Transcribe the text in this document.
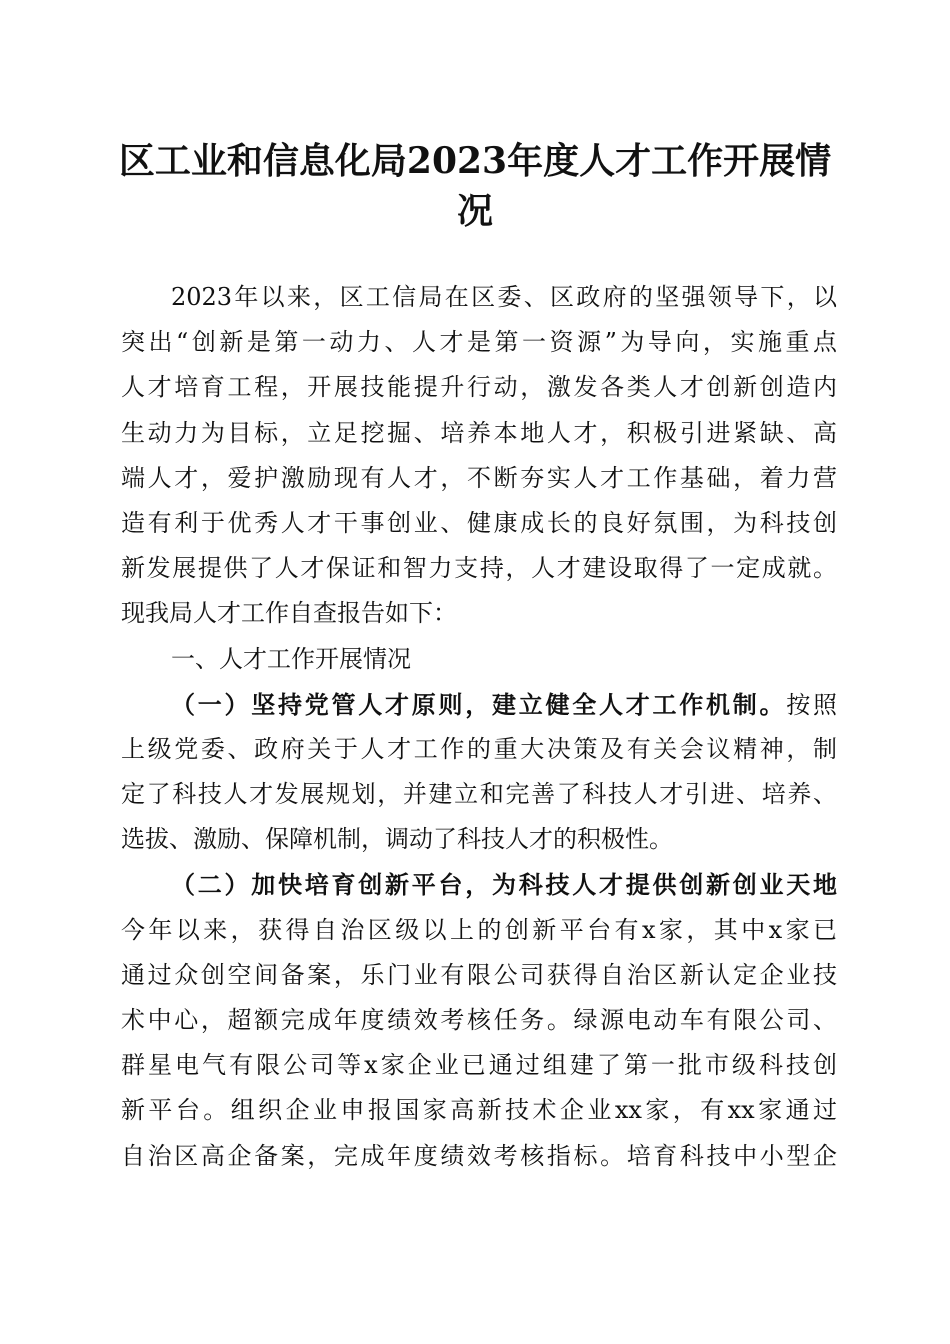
区工业和信息化局2023年度人才工作开展情况
2023年以来，区工信局在区委、区政府的坚强领导下，以
突出“创新是第一动力、人才是第一资源”为导向，实施重点
人才培育工程，开展技能提升行动，激发各类人才创新创造内
生动力为目标，立足挖掘、培养本地人才，积极引进紧缺、高
端人才，爱护激励现有人才，不断夯实人才工作基础，着力营
造有利于优秀人才干事创业、健康成长的良好氛围，为科技创
新发展提供了人才保证和智力支持，人才建设取得了一定成就。
现我局人才工作自查报告如下：
一、人才工作开展情况
（一）坚持党管人才原则，建立健全人才工作机制。按照
上级党委、政府关于人才工作的重大决策及有关会议精神，制
定了科技人才发展规划，并建立和完善了科技人才引进、培养、
选拔、激励、保障机制，调动了科技人才的积极性。
（二）加快培育创新平台，为科技人才提供创新创业天地
今年以来，获得自治区级以上的创新平台有x家，其中x家已
通过众创空间备案，乐门业有限公司获得自治区新认定企业技
术中心，超额完成年度绩效考核任务。绿源电动车有限公司、
群星电气有限公司等x家企业已通过组建了第一批市级科技创
新平台。组织企业申报国家高新技术企业xx家，有xx家通过
自治区高企备案，完成年度绩效考核指标。培育科技中小型企
